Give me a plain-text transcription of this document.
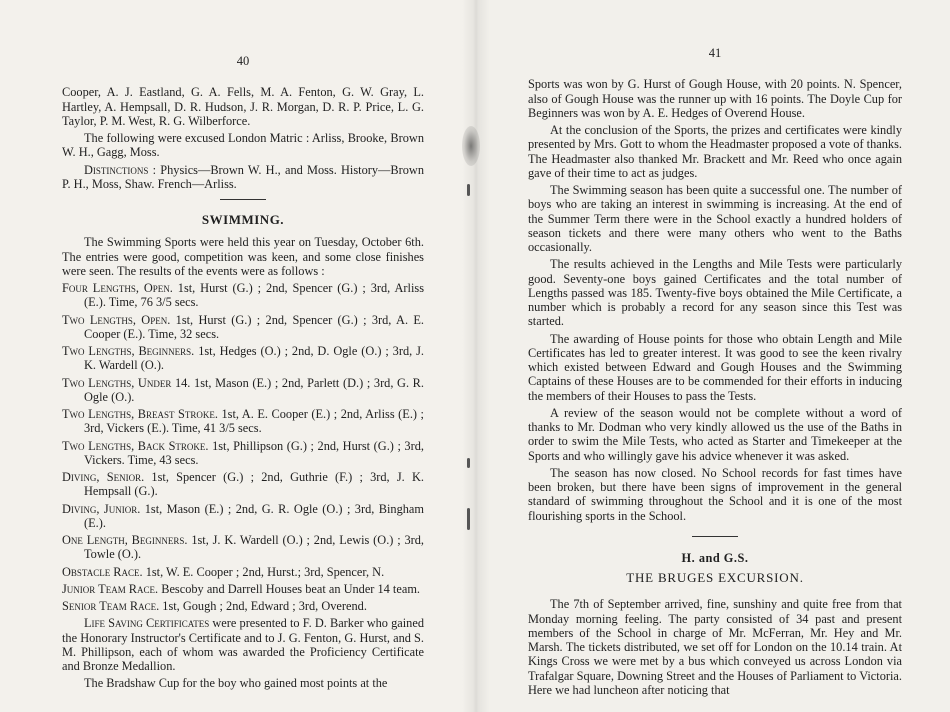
40

Cooper, A. J. Eastland, G. A. Fells, M. A. Fenton, G. W. Gray, L. Hartley, A. Hempsall, D. R. Hudson, J. R. Morgan, D. R. P. Price, L. G. Taylor, P. M. West, R. G. Wilberforce.

The following were excused London Matric : Arliss, Brooke, Brown W. H., Gagg, Moss.

Distinctions : Physics—Brown W. H., and Moss. History—Brown P. H., Moss, Shaw. French—Arliss.

SWIMMING.

The Swimming Sports were held this year on Tuesday, October 6th. The entries were good, competition was keen, and some close finishes were seen. The results of the events were as follows :

Four Lengths, Open. 1st, Hurst (G.) ; 2nd, Spencer (G.) ; 3rd, Arliss (E.). Time, 76 3/5 secs.

Two Lengths, Open. 1st, Hurst (G.) ; 2nd, Spencer (G.) ; 3rd, A. E. Cooper (E.). Time, 32 secs.

Two Lengths, Beginners. 1st, Hedges (O.) ; 2nd, D. Ogle (O.) ; 3rd, J. K. Wardell (O.).

Two Lengths, Under 14. 1st, Mason (E.) ; 2nd, Parlett (D.) ; 3rd, G. R. Ogle (O.).

Two Lengths, Breast Stroke. 1st, A. E. Cooper (E.) ; 2nd, Arliss (E.) ; 3rd, Vickers (E.). Time, 41 3/5 secs.

Two Lengths, Back Stroke. 1st, Phillipson (G.) ; 2nd, Hurst (G.) ; 3rd, Vickers. Time, 43 secs.

Diving, Senior. 1st, Spencer (G.) ; 2nd, Guthrie (F.) ; 3rd, J. K. Hempsall (G.).

Diving, Junior. 1st, Mason (E.) ; 2nd, G. R. Ogle (O.) ; 3rd, Bingham (E.).

One Length, Beginners. 1st, J. K. Wardell (O.) ; 2nd, Lewis (O.) ; 3rd, Towle (O.).

Obstacle Race. 1st, W. E. Cooper ; 2nd, Hurst.; 3rd, Spencer, N.

Junior Team Race. Bescoby and Darrell Houses beat an Under 14 team.

Senior Team Race. 1st, Gough ; 2nd, Edward ; 3rd, Overend.

Life Saving Certificates were presented to F. D. Barker who gained the Honorary Instructor's Certificate and to J. G. Fenton, G. Hurst, and S. M. Phillipson, each of whom was awarded the Proficiency Certificate and Bronze Medallion.

The Bradshaw Cup for the boy who gained most points at the

41

Sports was won by G. Hurst of Gough House, with 20 points. N. Spencer, also of Gough House was the runner up with 16 points. The Doyle Cup for Beginners was won by A. E. Hedges of Overend House.

At the conclusion of the Sports, the prizes and certificates were kindly presented by Mrs. Gott to whom the Headmaster proposed a vote of thanks. The Headmaster also thanked Mr. Brackett and Mr. Reed who once again gave of their time to act as judges.

The Swimming season has been quite a successful one. The number of boys who are taking an interest in swimming is increasing. At the end of the Summer Term there were in the School exactly a hundred holders of season tickets and there were many others who went to the Baths occasionally.

The results achieved in the Lengths and Mile Tests were particularly good. Seventy-one boys gained Certificates and the total number of Lengths passed was 185. Twenty-five boys obtained the Mile Certificate, a number which is probably a record for any season since this Test was started.

The awarding of House points for those who obtain Length and Mile Certificates has led to greater interest. It was good to see the keen rivalry which existed between Edward and Gough Houses and the Swimming Captains of these Houses are to be commended for their efforts in inducing the members of their Houses to pass the Tests.

A review of the season would not be complete without a word of thanks to Mr. Dodman who very kindly allowed us the use of the Baths in order to swim the Mile Tests, who acted as Starter and Timekeeper at the Sports and who willingly gave his advice whenever it was asked.

The season has now closed. No School records for fast times have been broken, but there have been signs of improvement in the general standard of swimming throughout the School and it is one of the most flourishing sports in the School.

H. and G.S.
THE BRUGES EXCURSION.

The 7th of September arrived, fine, sunshiny and quite free from that Monday morning feeling. The party consisted of 34 past and present members of the School in charge of Mr. McFerran, Mr. Hey and Mr. Marsh. The tickets distributed, we set off for London on the 10.14 train. At Kings Cross we were met by a bus which conveyed us across London via Trafalgar Square, Downing Street and the Houses of Parliament to Victoria. Here we had luncheon after noticing that
